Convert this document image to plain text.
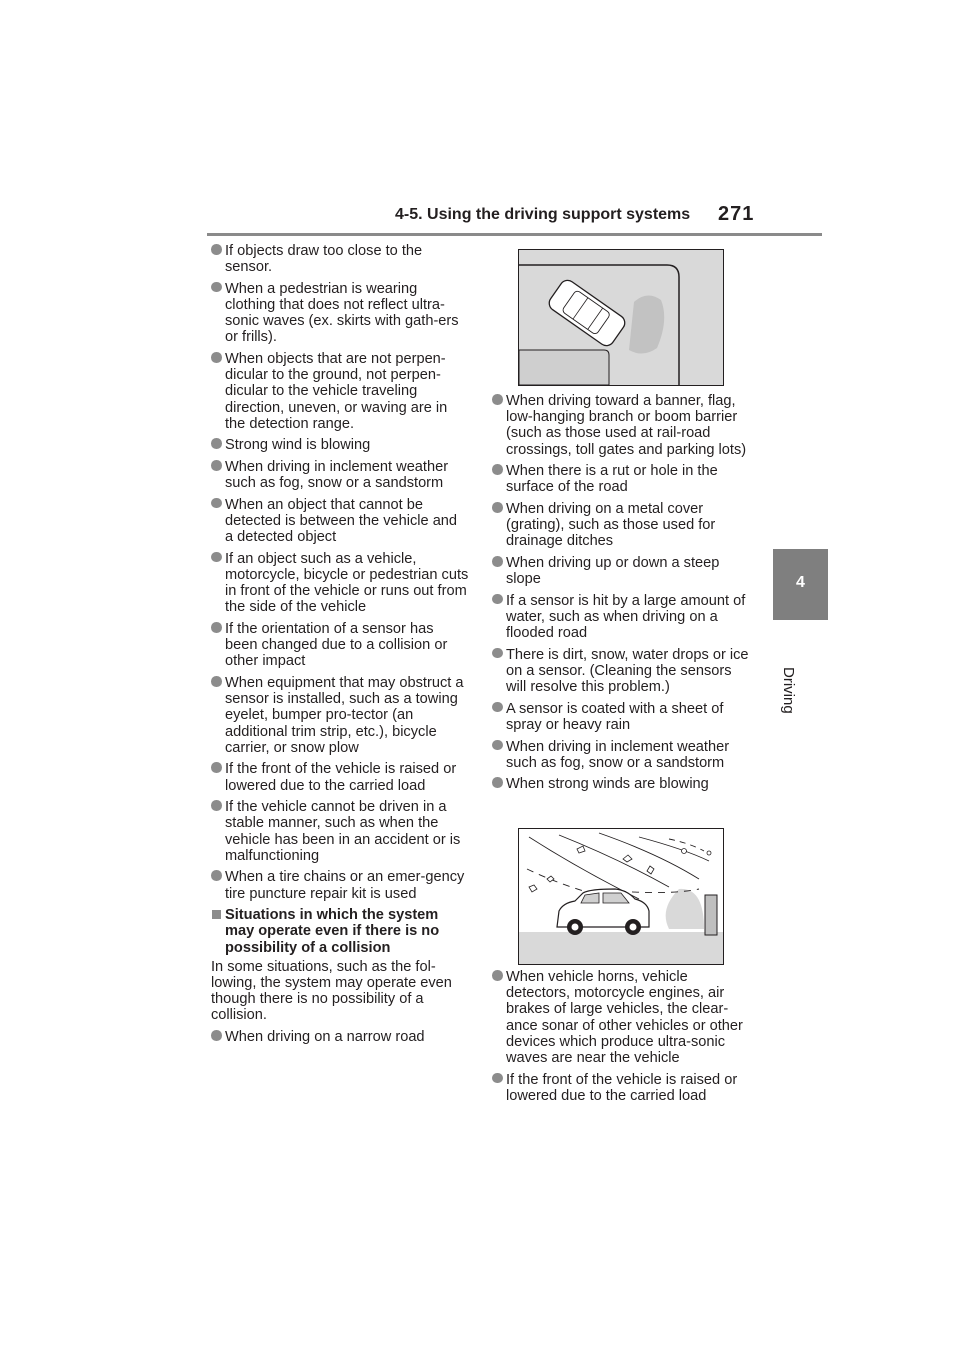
4-5. Using the driving support systems 271
4
Driving
If objects draw too close to the sensor.
When a pedestrian is wearing clothing that does not reflect ultra-sonic waves (ex. skirts with gath-ers or frills).
When objects that are not perpen-dicular to the ground, not perpen-dicular to the vehicle traveling direction, uneven, or waving are in the detection range.
Strong wind is blowing
When driving in inclement weather such as fog, snow or a sandstorm
When an object that cannot be detected is between the vehicle and a detected object
If an object such as a vehicle, motorcycle, bicycle or pedestrian cuts in front of the vehicle or runs out from the side of the vehicle
If the orientation of a sensor has been changed due to a collision or other impact
When equipment that may obstruct a sensor is installed, such as a towing eyelet, bumper pro-tector (an additional trim strip, etc.), bicycle carrier, or snow plow
If the front of the vehicle is raised or lowered due to the carried load
If the vehicle cannot be driven in a stable manner, such as when the vehicle has been in an accident or is malfunctioning
When a tire chains or an emer-gency tire puncture repair kit is used
Situations in which the system may operate even if there is no possibility of a collision
In some situations, such as the fol-lowing, the system may operate even though there is no possibility of a collision.
When driving on a narrow road
When driving toward a banner, flag, low-hanging branch or boom barrier (such as those used at rail-road crossings, toll gates and parking lots)
When there is a rut or hole in the surface of the road
When driving on a metal cover (grating), such as those used for drainage ditches
When driving up or down a steep slope
If a sensor is hit by a large amount of water, such as when driving on a flooded road
There is dirt, snow, water drops or ice on a sensor. (Cleaning the sensors will resolve this problem.)
A sensor is coated with a sheet of spray or heavy rain
When driving in inclement weather such as fog, snow or a sandstorm
When strong winds are blowing
When vehicle horns, vehicle detectors, motorcycle engines, air brakes of large vehicles, the clear-ance sonar of other vehicles or other devices which produce ultra-sonic waves are near the vehicle
If the front of the vehicle is raised or lowered due to the carried load
